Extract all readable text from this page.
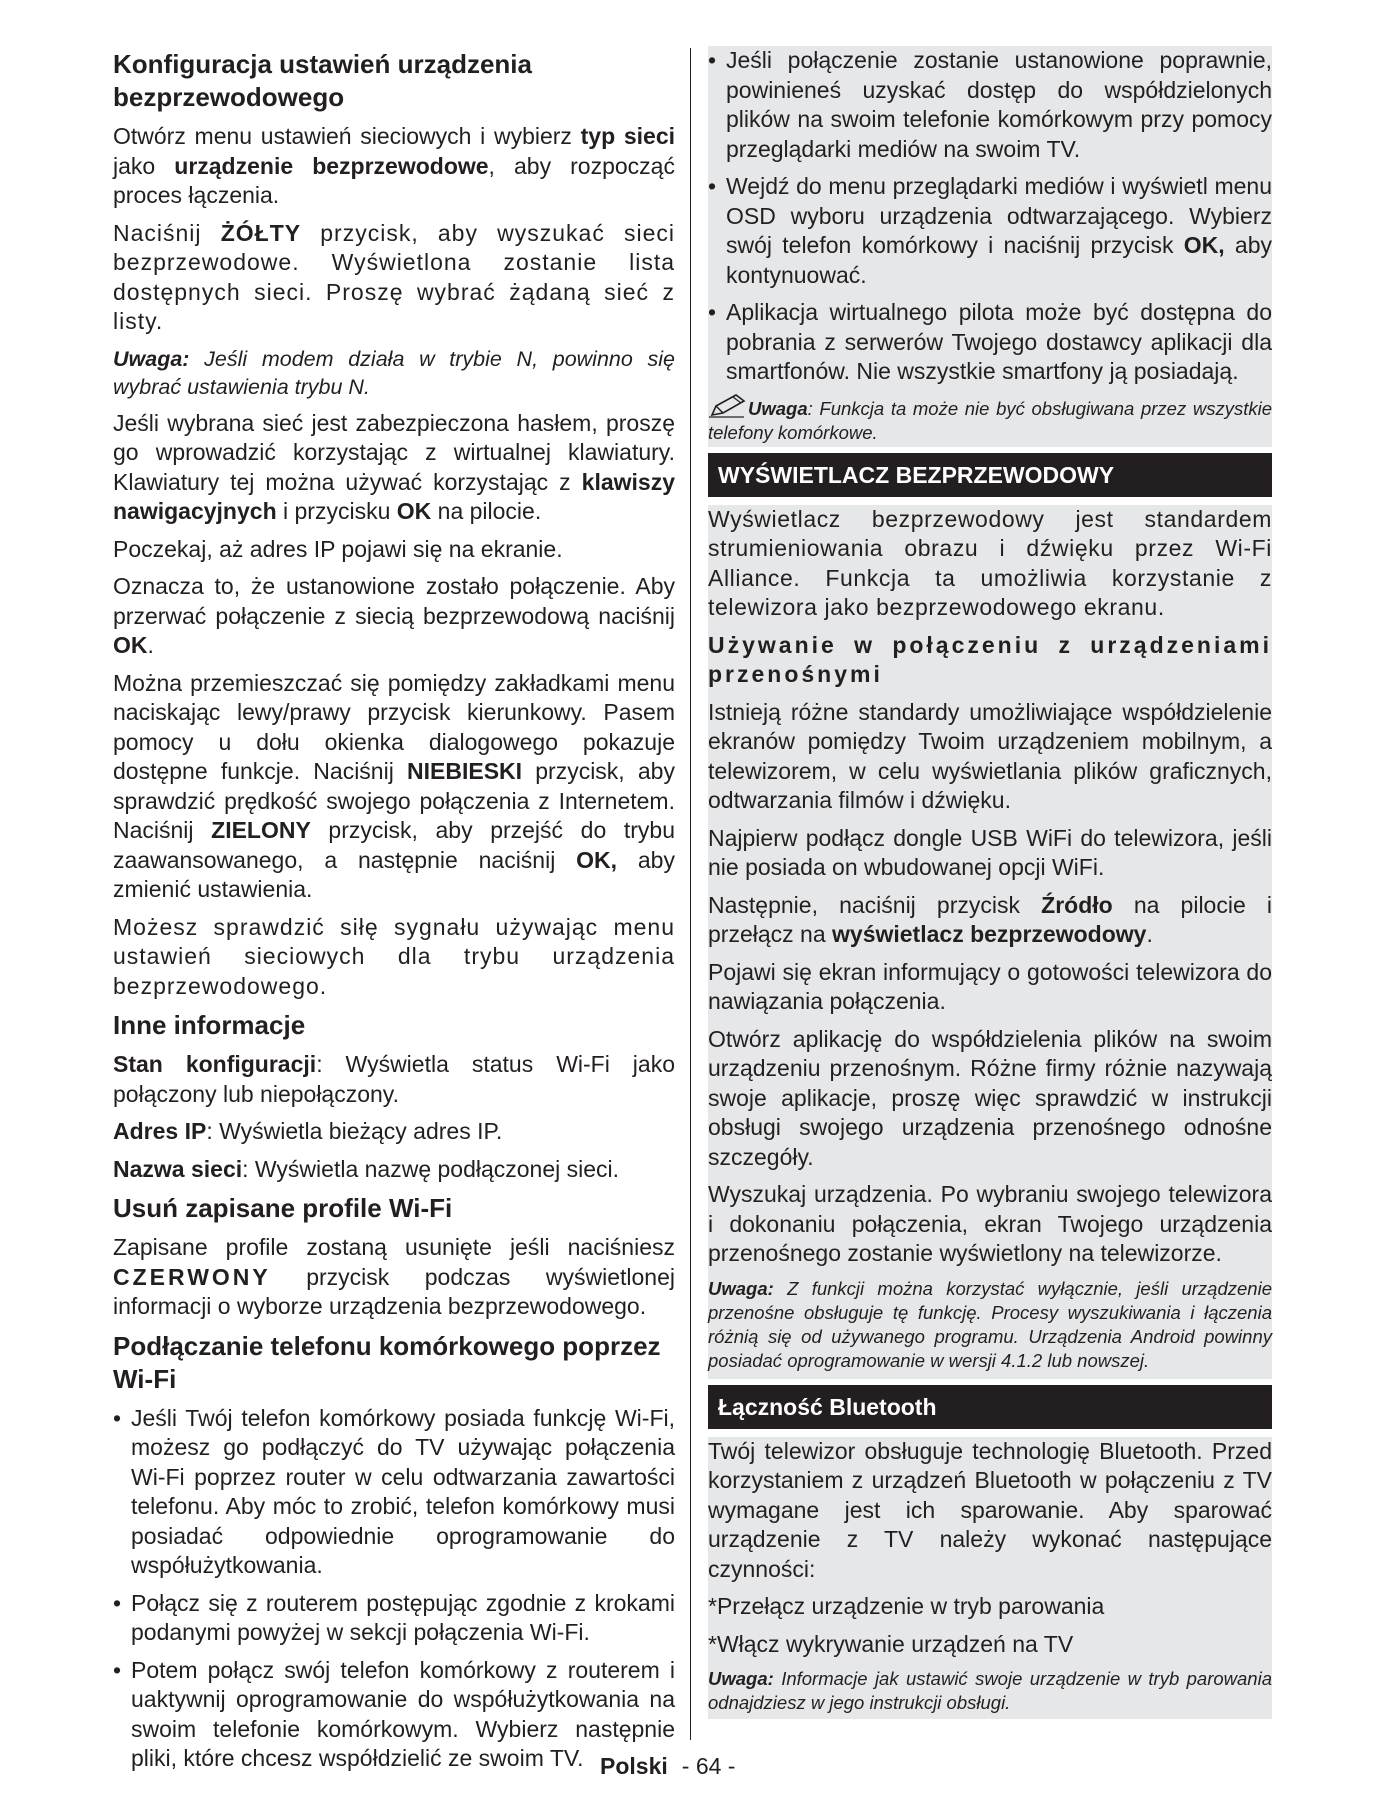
Konfiguracja ustawień urządzenia bezprzewodowego

Otwórz menu ustawień sieciowych i wybierz typ sieci jako urządzenie bezprzewodowe, aby rozpocząć proces łączenia.

Naciśnij ŻÓŁTY przycisk, aby wyszukać sieci bezprzewodowe. Wyświetlona zostanie lista dostępnych sieci. Proszę wybrać żądaną sieć z listy.

Uwaga: Jeśli modem działa w trybie N, powinno się wybrać ustawienia trybu N.

Jeśli wybrana sieć jest zabezpieczona hasłem, proszę go wprowadzić korzystając z wirtualnej klawiatury. Klawiatury tej można używać korzystając z klawiszy nawigacyjnych i przycisku OK na pilocie.

Poczekaj, aż adres IP pojawi się na ekranie.

Oznacza to, że ustanowione zostało połączenie. Aby przerwać połączenie z siecią bezprzewodową naciśnij OK.

Można przemieszczać się pomiędzy zakładkami menu naciskając lewy/prawy przycisk kierunkowy. Pasem pomocy u dołu okienka dialogowego pokazuje dostępne funkcje. Naciśnij NIEBIESKI przycisk, aby sprawdzić prędkość swojego połączenia z Internetem. Naciśnij ZIELONY przycisk, aby przejść do trybu zaawansowanego, a następnie naciśnij OK, aby zmienić ustawienia.

Możesz sprawdzić siłę sygnału używając menu ustawień sieciowych dla trybu urządzenia bezprzewodowego.

Inne informacje

Stan konfiguracji: Wyświetla status Wi-Fi jako połączony lub niepołączony.

Adres IP: Wyświetla bieżący adres IP.

Nazwa sieci: Wyświetla nazwę podłączonej sieci.

Usuń zapisane profile Wi-Fi

Zapisane profile zostaną usunięte jeśli naciśniesz CZERWONY przycisk podczas wyświetlonej informacji o wyborze urządzenia bezprzewodowego.

Podłączanie telefonu komórkowego poprzez Wi-Fi
• Jeśli Twój telefon komórkowy posiada funkcję Wi-Fi, możesz go podłączyć do TV używając połączenia Wi-Fi poprzez router w celu odtwarzania zawartości telefonu. Aby móc to zrobić, telefon komórkowy musi posiadać odpowiednie oprogramowanie do współużytkowania.
• Połącz się z routerem postępując zgodnie z krokami podanymi powyżej w sekcji połączenia Wi-Fi.
• Potem połącz swój telefon komórkowy z routerem i uaktywnij oprogramowanie do współużytkowania na swoim telefonie komórkowym. Wybierz następnie pliki, które chcesz współdzielić ze swoim TV.
• Jeśli połączenie zostanie ustanowione poprawnie, powinieneś uzyskać dostęp do współdzielonych plików na swoim telefonie komórkowym przy pomocy przeglądarki mediów na swoim TV.
• Wejdź do menu przeglądarki mediów i wyświetl menu OSD wyboru urządzenia odtwarzającego. Wybierz swój telefon komórkowy i naciśnij przycisk OK, aby kontynuować.
• Aplikacja wirtualnego pilota może być dostępna do pobrania z serwerów Twojego dostawcy aplikacji dla smartfonów. Nie wszystkie smartfony ją posiadają.
Uwaga: Funkcja ta może nie być obsługiwana przez wszystkie telefony komórkowe.
WYŚWIETLACZ BEZPRZEWODOWY

Wyświetlacz bezprzewodowy jest standardem strumieniowania obrazu i dźwięku przez Wi-Fi Alliance. Funkcja ta umożliwia korzystanie z telewizora jako bezprzewodowego ekranu.

Używanie w połączeniu z urządzeniami przenośnymi

Istnieją różne standardy umożliwiające współdzielenie ekranów pomiędzy Twoim urządzeniem mobilnym, a telewizorem, w celu wyświetlania plików graficznych, odtwarzania filmów i dźwięku.

Najpierw podłącz dongle USB WiFi do telewizora, jeśli nie posiada on wbudowanej opcji WiFi.

Następnie, naciśnij przycisk Źródło na pilocie i przełącz na wyświetlacz bezprzewodowy.

Pojawi się ekran informujący o gotowości telewizora do nawiązania połączenia.

Otwórz aplikację do współdzielenia plików na swoim urządzeniu przenośnym. Różne firmy różnie nazywają swoje aplikacje, proszę więc sprawdzić w instrukcji obsługi swojego urządzenia przenośnego odnośne szczegóły.

Wyszukaj urządzenia. Po wybraniu swojego telewizora i dokonaniu połączenia, ekran Twojego urządzenia przenośnego zostanie wyświetlony na telewizorze.

Uwaga: Z funkcji można korzystać wyłącznie, jeśli urządzenie przenośne obsługuje tę funkcję. Procesy wyszukiwania i łączenia różnią się od używanego programu. Urządzenia Android powinny posiadać oprogramowanie w wersji 4.1.2 lub nowszej.
Łączność Bluetooth

Twój telewizor obsługuje technologię Bluetooth. Przed korzystaniem z urządzeń Bluetooth w połączeniu z TV wymagane jest ich sparowanie. Aby sparować urządzenie z TV należy wykonać następujące czynności:

*Przełącz urządzenie w tryb parowania

*Włącz wykrywanie urządzeń na TV

Uwaga: Informacje jak ustawić swoje urządzenie w tryb parowania odnajdziesz w jego instrukcji obsługi.
Polski - 64 -
